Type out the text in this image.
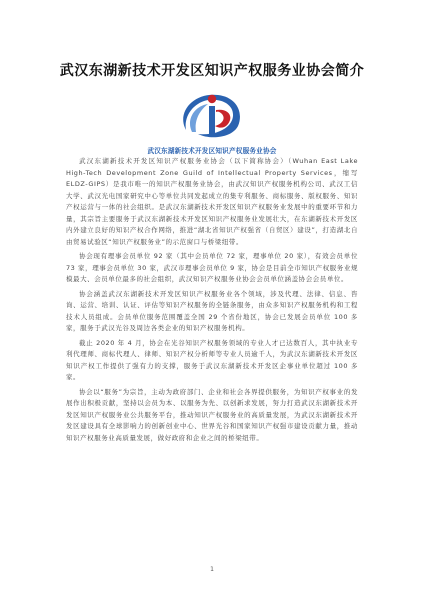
武汉东湖新技术开发区知识产权服务业协会简介
武汉东湖新技术开发区知识产权服务业协会

武汉东湖新技术开发区知识产权服务业协会（以下简称协会）（Wuhan East Lake High-Tech Development Zone Guild of Intellectual Property Services，缩写 ELDZ-GIPS）是我市唯一的知识产权服务业协会，由武汉知识产权服务机构公司、武汉工信大学、武汉光电国家研究中心等单位共同发起成立的集专利服务、商标服务、版权服务、知识产权运营与一体的社会组织。是武汉东湖新技术开发区知识产权服务业发展中的重要环节和力量，其宗旨主要服务于武汉东湖新技术开发区知识产权服务业发展壮大，在东湖新技术开发区内外建立良好的知识产权合作网络，推进“湖北省知识产权强省（自贸区）建设”，打造湖北自由贸易试验区“知识产权服务业”的示范窗口与桥梁纽带。

协会现有理事会员单位 92 家（其中会员单位 72 家，理事单位 20 家），有效会员单位 73 家，理事会员单位 30 家，武汉市理事会员单位 9 家，协会是目前全市知识产权服务业规模最大、会员单位最多的社会组织，武汉知识产权服务业协会会员单位涵盖协会会员单位。

协会涵盖武汉东湖新技术开发区知识产权服务业各个领域，涉及代理、法律、信息、咨询、运营、培训、认证、评估等知识产权服务的全链条服务，由众多知识产权服务机构和工程技术人员组成。会员单位服务范围覆盖全国 29 个省份地区，协会已发展会员单位 100 多家，服务于武汉光谷及周边各类企业的知识产权服务机构。

截止 2020 年 4 月，协会在光谷知识产权服务领域的专业人才已达数百人，其中执业专利代理师、商标代理人、律师、知识产权分析师等专业人员逾千人，为武汉东湖新技术开发区知识产权工作提供了强有力的支撑，服务于武汉东湖新技术开发区企事业单位超过 100 多家。

协会以“服务”为宗旨，主动为政府部门、企业和社会各界提供服务，为知识产权事业的发展作出积极贡献，坚持以会员为本、以服务为先、以创新求发展，努力打造武汉东湖新技术开发区知识产权服务业公共服务平台，推动知识产权服务业的高质量发展，为武汉东湖新技术开发区建设具有全球影响力的创新创业中心、世界光谷和国家知识产权强市建设贡献力量，推动知识产权服务业高质量发展，做好政府和企业之间的桥梁纽带。

1
